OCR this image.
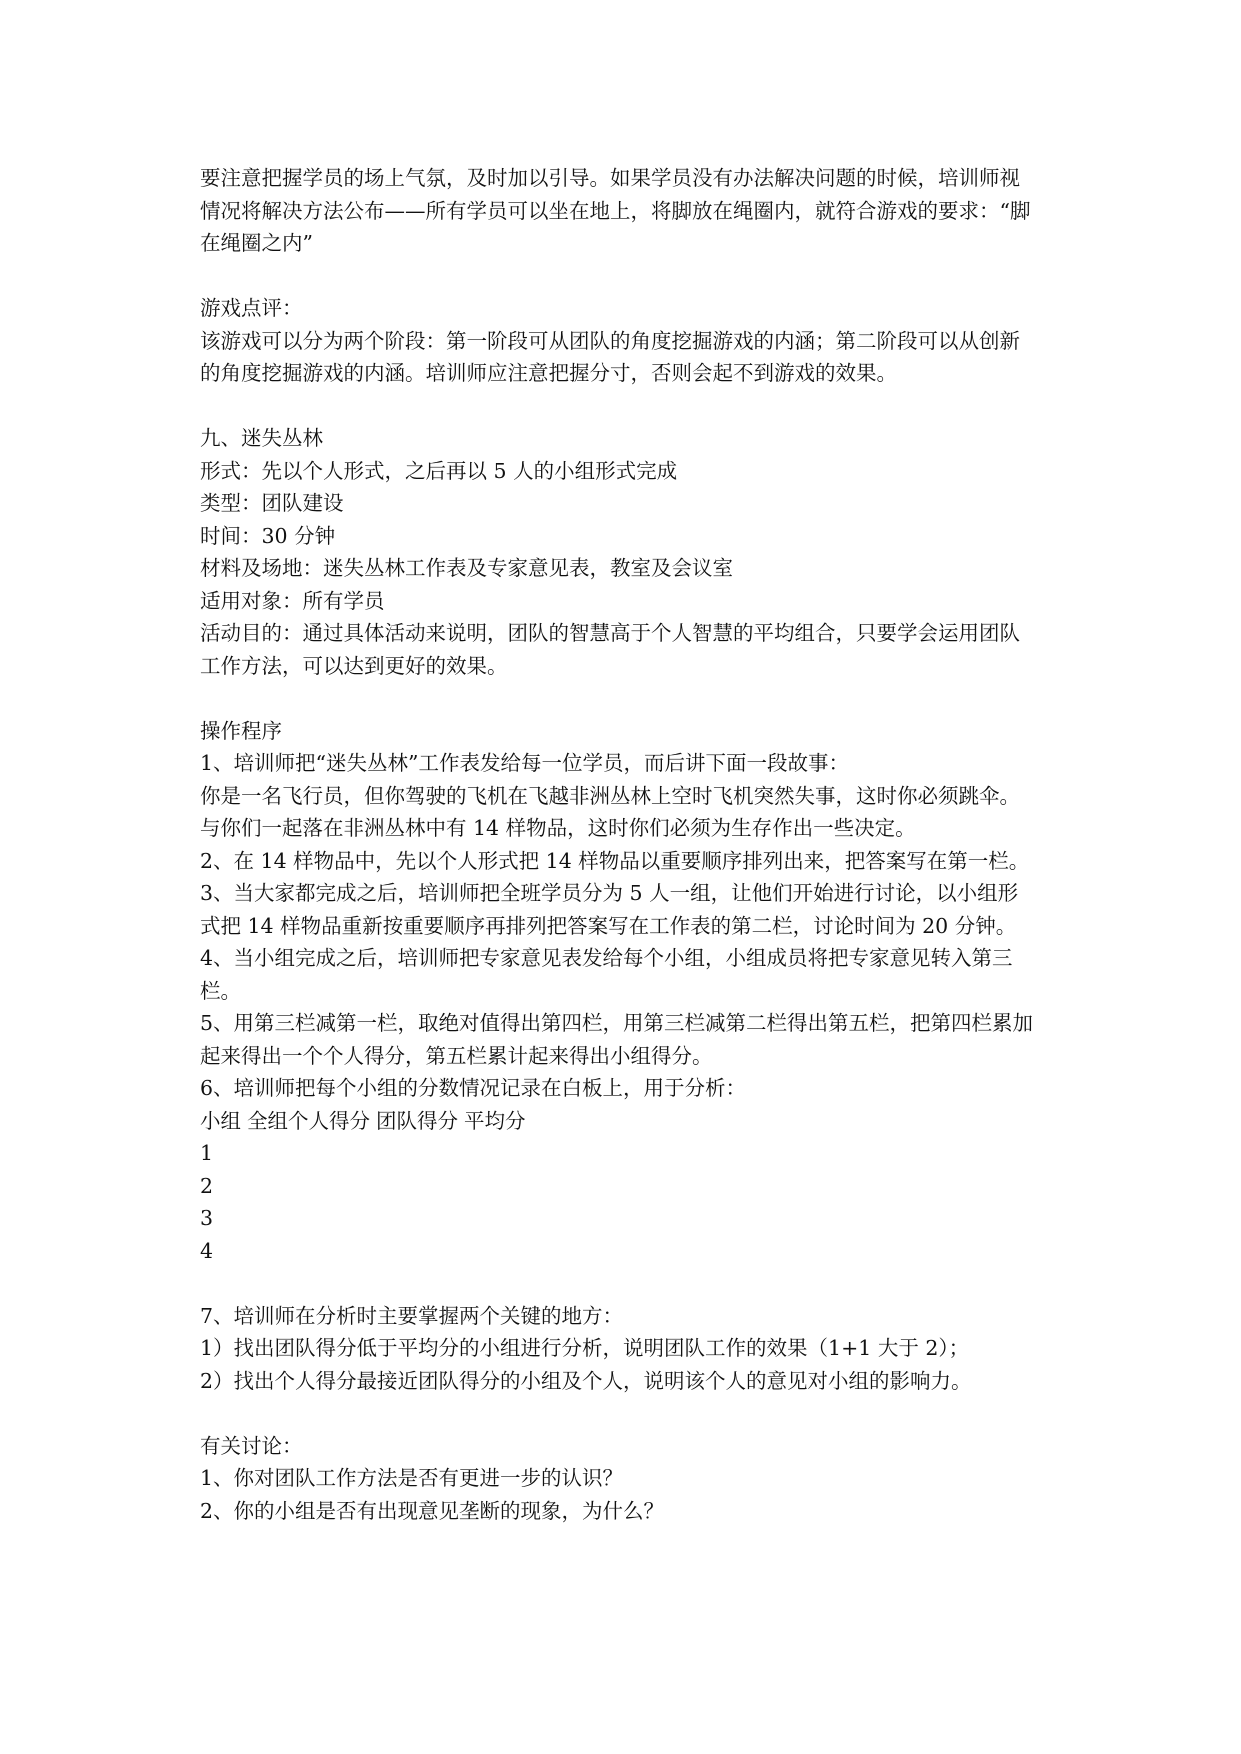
要注意把握学员的场上气氛，及时加以引导。如果学员没有办法解决问题的时候，培训师视情况将解决方法公布——所有学员可以坐在地上，将脚放在绳圈内，就符合游戏的要求：“脚在绳圈之内”

游戏点评：

该游戏可以分为两个阶段：第一阶段可从团队的角度挖掘游戏的内涵；第二阶段可以从创新的角度挖掘游戏的内涵。培训师应注意把握分寸，否则会起不到游戏的效果。

九、迷失丛林

形式：先以个人形式，之后再以 5 人的小组形式完成

类型：团队建设

时间：30 分钟

材料及场地：迷失丛林工作表及专家意见表，教室及会议室

适用对象：所有学员

活动目的：通过具体活动来说明，团队的智慧高于个人智慧的平均组合，只要学会运用团队工作方法，可以达到更好的效果。

操作程序

1、培训师把“迷失丛林”工作表发给每一位学员，而后讲下面一段故事：

你是一名飞行员，但你驾驶的飞机在飞越非洲丛林上空时飞机突然失事，这时你必须跳伞。与你们一起落在非洲丛林中有 14 样物品，这时你们必须为生存作出一些决定。

2、在 14 样物品中，先以个人形式把 14 样物品以重要顺序排列出来，把答案写在第一栏。

3、当大家都完成之后，培训师把全班学员分为 5 人一组，让他们开始进行讨论，以小组形式把 14 样物品重新按重要顺序再排列把答案写在工作表的第二栏，讨论时间为 20 分钟。

4、当小组完成之后，培训师把专家意见表发给每个小组，小组成员将把专家意见转入第三栏。

5、用第三栏减第一栏，取绝对值得出第四栏，用第三栏减第二栏得出第五栏，把第四栏累加起来得出一个个人得分，第五栏累计起来得出小组得分。

6、培训师把每个小组的分数情况记录在白板上，用于分析：

小组 全组个人得分 团队得分 平均分

1

2

3

4

7、培训师在分析时主要掌握两个关键的地方：

1）找出团队得分低于平均分的小组进行分析，说明团队工作的效果（1+1 大于 2）；

2）找出个人得分最接近团队得分的小组及个人，说明该个人的意见对小组的影响力。

有关讨论：

1、你对团队工作方法是否有更进一步的认识？

2、你的小组是否有出现意见垄断的现象，为什么？
